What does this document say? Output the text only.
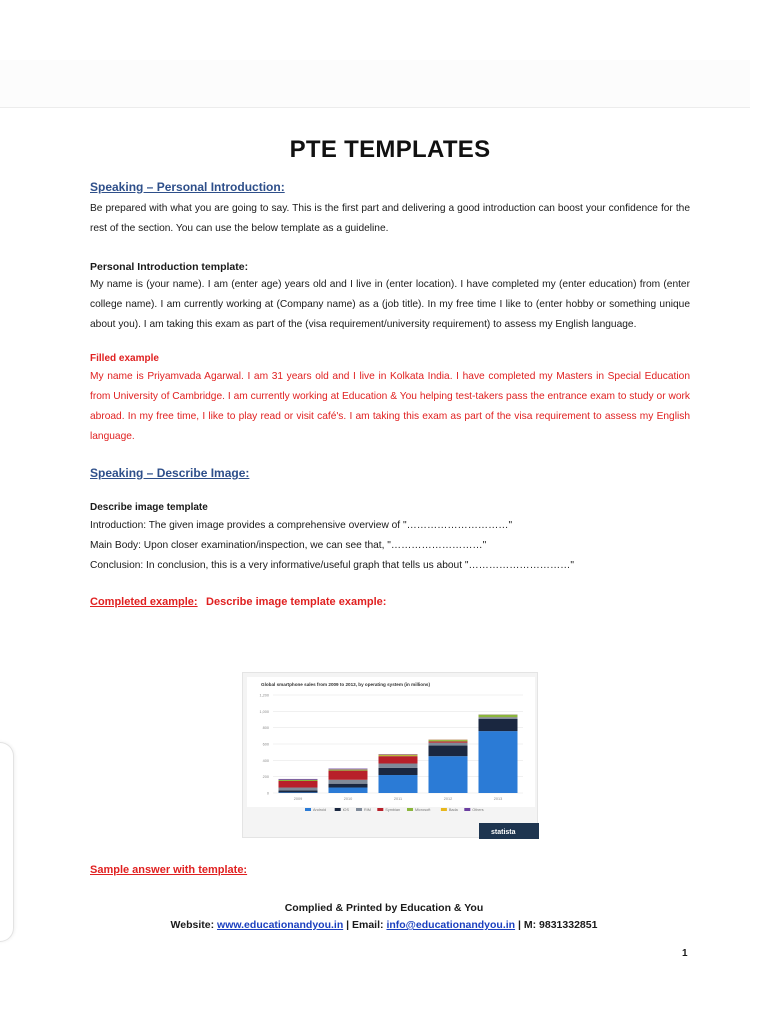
PTE TEMPLATES
Speaking – Personal Introduction:
Be prepared with what you are going to say. This is the first part and delivering a good introduction can boost your confidence for the rest of the section. You can use the below template as a guideline.
Personal Introduction template:
My name is (your name). I am (enter age) years old and I live in (enter location). I have completed my (enter education) from (enter college name). I am currently working at (Company name) as a (job title). In my free time I like to (enter hobby or something unique about you). I am taking this exam as part of the (visa requirement/university requirement) to assess my English language.
Filled example
My name is Priyamvada Agarwal. I am 31 years old and I live in Kolkata India. I have completed my Masters in Special Education from University of Cambridge. I am currently working at Education & You helping test-takers pass the entrance exam to study or work abroad. In my free time, I like to play read or visit café's. I am taking this exam as part of the visa requirement to assess my English language.
Speaking – Describe Image:
Describe image template
Introduction: The given image provides a comprehensive overview of "…………………………"
Main Body: Upon closer examination/inspection, we can see that, "………………………"
Conclusion: In conclusion, this is a very informative/useful graph that tells us about "…………………………"
Completed example: Describe image template example:
Global smartphone sales from 2009 to 2013, by operating system (in millions)
0
200
400
600
800
1,000
1,200
2009	2010	2011	2012	2013
Android	iOS	RIM	Symbian	Microsoft	Bada	Others
statista
Sample answer with template:
Complied & Printed by Education & You
Website: www.educationandyou.in | Email: info@educationandyou.in | M: 9831332851
1
